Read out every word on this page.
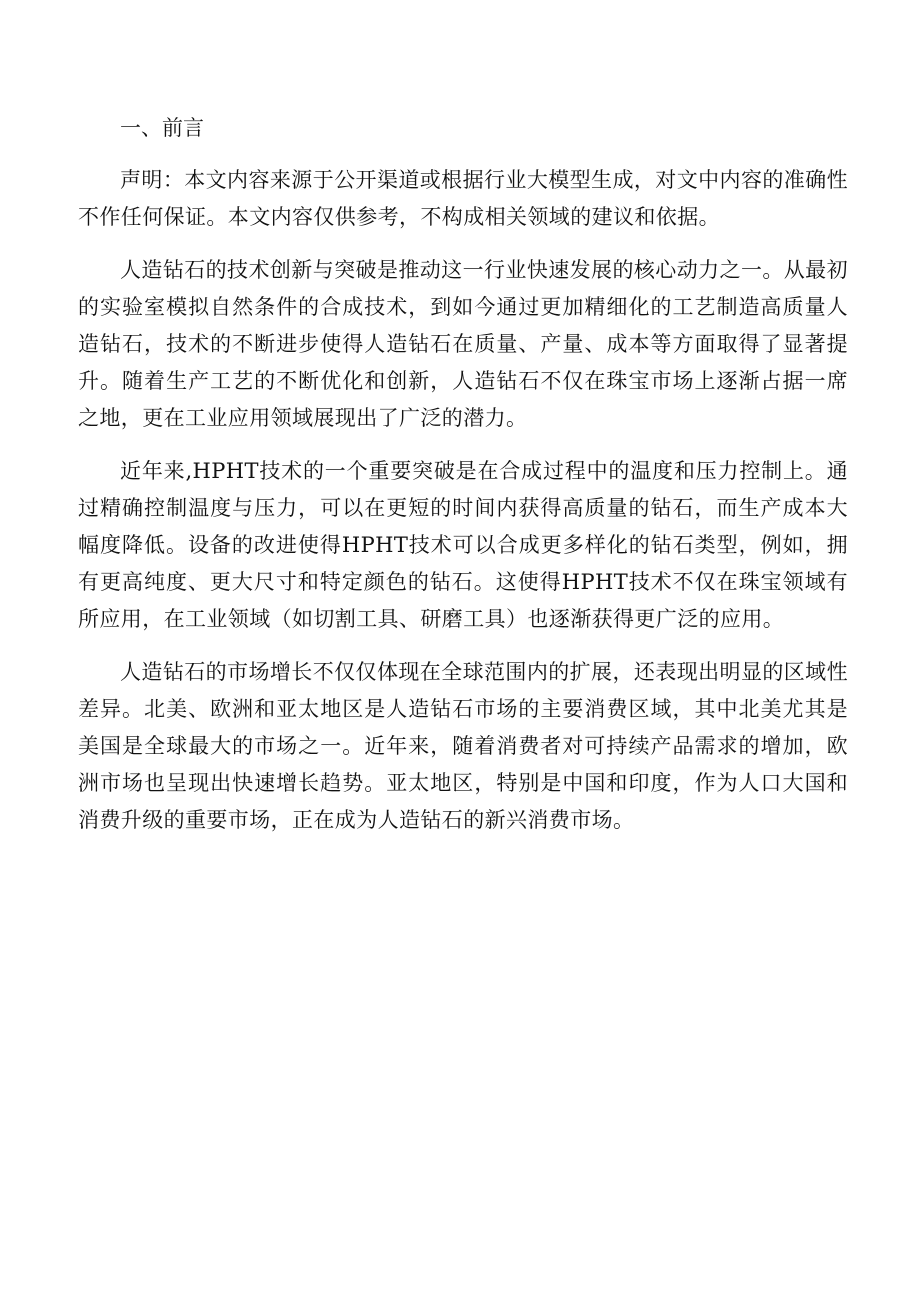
一、前言

声明：本文内容来源于公开渠道或根据行业大模型生成，对文中内容的准确性不作任何保证。本文内容仅供参考，不构成相关领域的建议和依据。

人造钻石的技术创新与突破是推动这一行业快速发展的核心动力之一。从最初的实验室模拟自然条件的合成技术，到如今通过更加精细化的工艺制造高质量人造钻石，技术的不断进步使得人造钻石在质量、产量、成本等方面取得了显著提升。随着生产工艺的不断优化和创新，人造钻石不仅在珠宝市场上逐渐占据一席之地，更在工业应用领域展现出了广泛的潜力。

近年来,HPHT技术的一个重要突破是在合成过程中的温度和压力控制上。通过精确控制温度与压力，可以在更短的时间内获得高质量的钻石，而生产成本大幅度降低。设备的改进使得HPHT技术可以合成更多样化的钻石类型，例如，拥有更高纯度、更大尺寸和特定颜色的钻石。这使得HPHT技术不仅在珠宝领域有所应用，在工业领域（如切割工具、研磨工具）也逐渐获得更广泛的应用。

人造钻石的市场增长不仅仅体现在全球范围内的扩展，还表现出明显的区域性差异。北美、欧洲和亚太地区是人造钻石市场的主要消费区域，其中北美尤其是美国是全球最大的市场之一。近年来，随着消费者对可持续产品需求的增加，欧洲市场也呈现出快速增长趋势。亚太地区，特别是中国和印度，作为人口大国和消费升级的重要市场，正在成为人造钻石的新兴消费市场。
